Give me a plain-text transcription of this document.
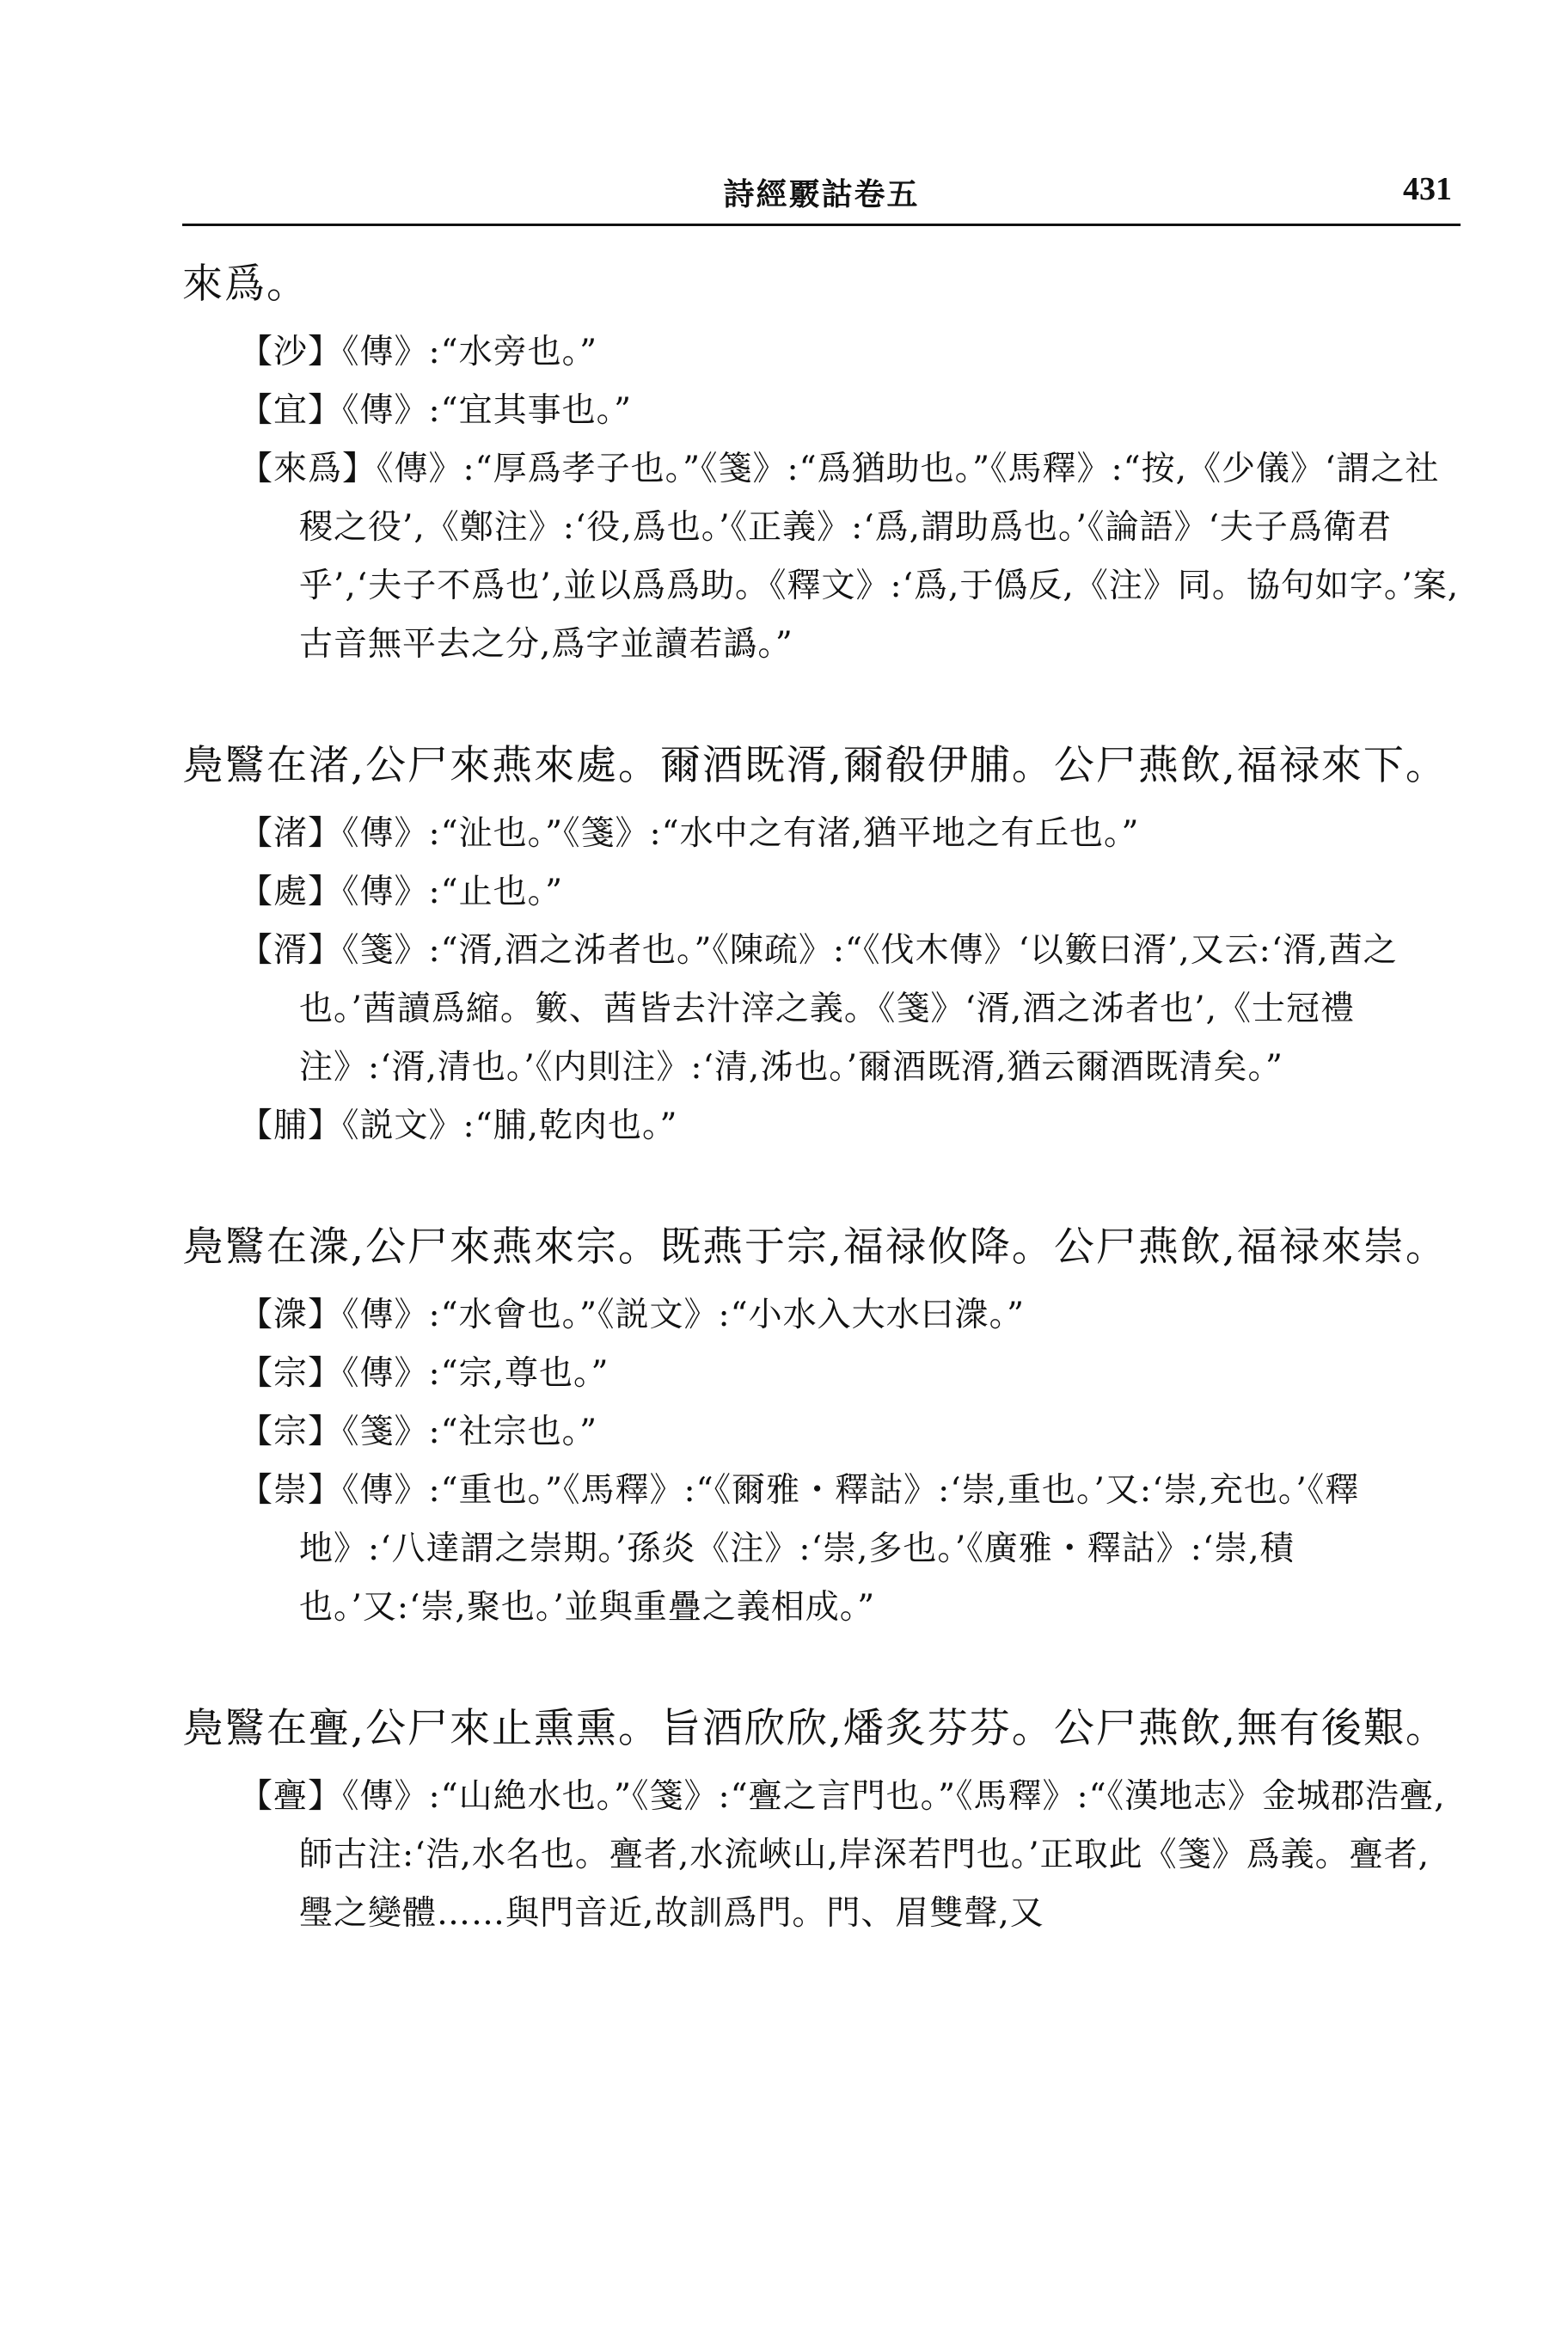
詩經覈詁卷五	431

來爲。

【沙】《傳》:“水旁也。”

【宜】《傳》:“宜其事也。”

【來爲】《傳》:“厚爲孝子也。”《箋》:“爲猶助也。”《馬釋》:“按,《少儀》‘謂之社稷之役’,《鄭注》:‘役,爲也。’《正義》:‘爲,謂助爲也。’《論語》‘夫子爲衛君乎’,‘夫子不爲也’,並以爲爲助。《釋文》:‘爲,于僞反,《注》同。協句如字。’案,古音無平去之分,爲字並讀若譌。”

鳧鷖在渚,公尸來燕來處。爾酒既湑,爾殽伊脯。公尸燕飲,福禄來下。

【渚】《傳》:“沚也。”《箋》:“水中之有渚,猶平地之有丘也。”

【處】《傳》:“止也。”

【湑】《箋》:“湑,酒之泲者也。”《陳疏》:“《伐木傳》‘以籔曰湑’,又云:‘湑,莤之也。’莤讀爲縮。籔、莤皆去汁滓之義。《箋》‘湑,酒之泲者也’,《士冠禮注》:‘湑,清也。’《内則注》:‘清,泲也。’爾酒既湑,猶云爾酒既清矣。”

【脯】《説文》:“脯,乾肉也。”

鳧鷖在潨,公尸來燕來宗。既燕于宗,福禄攸降。公尸燕飲,福禄來崇。

【潨】《傳》:“水會也。”《説文》:“小水入大水曰潨。”

【宗】《傳》:“宗,尊也。”

【宗】《箋》:“社宗也。”

【崇】《傳》:“重也。”《馬釋》:“《爾雅・釋詁》:‘崇,重也。’又:‘崇,充也。’《釋地》:‘八達謂之崇期。’孫炎《注》:‘崇,多也。’《廣雅・釋詁》:‘崇,積也。’又:‘崇,聚也。’並與重疊之義相成。”

鳧鷖在亹,公尸來止熏熏。旨酒欣欣,燔炙芬芬。公尸燕飲,無有後艱。

【亹】《傳》:“山絶水也。”《箋》:“亹之言門也。”《馬釋》:“《漢地志》金城郡浩亹,師古注:‘浩,水名也。亹者,水流峽山,岸深若門也。’正取此《箋》爲義。亹者,璺之變體……與門音近,故訓爲門。門、眉雙聲,又
